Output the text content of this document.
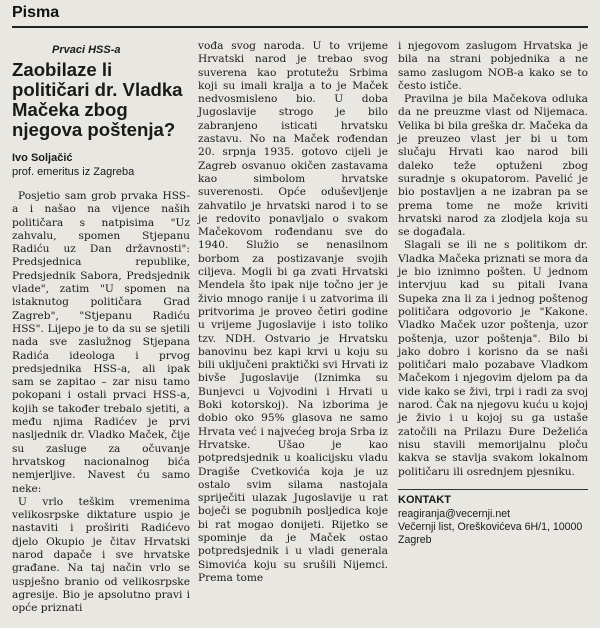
Pisma
Prvaci HSS-a
Zaobilaze li političari dr. Vladka Mačeka zbog njegova poštenja?
Ivo Soljačić
prof. emeritus iz Zagreba

Posjetio sam grob prvaka HSS-a i našao na vijence naših političara s natpisima "Uz zahvalu, spomen Stjepanu Radiću uz Dan državnosti": Predsjednica republike, Predsjednik Sabora, Predsjednik vlade", zatim "U spomen na istaknutog političara Grad Zagreb", "Stjepanu Radiću HSS". Lijepo je to da su se sjetili nada sve zaslužnog Stjepana Radića ideologa i prvog predsjednika HSS-a, ali ipak sam se zapitao – zar nisu tamo pokopani i ostali prvaci HSS-a, kojih se također trebalo sjetiti, a među njima Radićev je prvi nasljednik dr. Vladko Maček, čije su zasluge za očuvanje hrvatskog nacionalnog bića nemjerljive. Navest ću samo neke:

U vrlo teškim vremenima velikosrpske diktature uspio je nastaviti i proširiti Radićevo djelo Okupio je čitav Hrvatski narod dapače i sve hrvatske građane. Na taj način vrlo se uspješno branio od velikosrpske agresije. Bio je apsolutno pravi i opće priznati

vođa svog naroda. U to vrijeme Hrvatski narod je trebao svog suverena kao protutežu Srbima koji su imali kralja a to je Maček nedvosmisleno bio. U doba Jugoslavije strogo je bilo zabranjeno isticati hrvatsku zastavu. No na Maček rođendan 20. srpnja 1935. gotovo cijeli je Zagreb osvanuo okičen zastavama kao simbolom hrvatske suverenosti. Opće oduševljenje zahvatilo je hrvatski narod i to se je redovito ponavljalo o svakom Mačekovom rođendanu sve do 1940. Služio se nenasilnom borbom za postizavanje svojih ciljeva. Mogli bi ga zvati Hrvatski Mendela što ipak nije točno jer je živio mnogo ranije i u zatvorima ili pritvorima je proveo četiri godine u vrijeme Jugoslavije i isto toliko tzv. NDH. Ostvario je Hrvatsku banovinu bez kapi krvi u koju su bili uključeni praktički svi Hrvati iz bivše Jugoslavije (Iznimka su Bunjevci u Vojvodini i Hrvati u Boki kotorskoj). Na izborima je dobio oko 95% glasova ne samo Hrvata već i najvećeg broja Srba iz Hrvatske. Ušao je kao potpredsjednik u koalicijsku vladu Dragiše Cvetkovića koja je uz ostalo svim silama nastojala spriječiti ulazak Jugoslavije u rat boječi se pogubnih posljedica koje bi rat mogao donijeti. Rijetko se spominje da je Maček ostao potpredsjednik i u vladi generala Simovića koju su srušili Nijemci. Prema tome

i njegovom zaslugom Hrvatska je bila na strani pobjednika a ne samo zaslugom NOB-a kako se to često ističe.

Pravilna je bila Mačekova odluka da ne preuzme vlast od Nijemaca. Velika bi bila greška dr. Mačeka da je preuzeo vlast jer bi u tom slučaju Hrvati kao narod bili daleko teže optuženi zbog suradnje s okupatorom. Pavelić je bio postavljen a ne izabran pa se prema tome ne može kriviti hrvatski narod za zlodjela koja su se događala.

Slagali se ili ne s politikom dr. Vladka Mačeka priznati se mora da je bio iznimno pošten. U jednom intervjuu kad su pitali Ivana Supeka zna li za i jednog poštenog političara odgovorio je "Kakone. Vladko Maček uzor poštenja, uzor poštenja, uzor poštenja". Bilo bi jako dobro i korisno da se naši političari malo pozabave Vladkom Mačekom i njegovim djelom pa da vide kako se živi, trpi i radi za svoj narod. Čak na njegovu kuću u kojoj je živio i u kojoj su ga ustaše zatočili na Prilazu Đure Deželića nisu stavili memorijalnu ploču kakva se stavlja svakom lokalnom političaru ili osrednjem pjesniku.

KONTAKT
reagiranja@vecernji.net
Večernji list, Oreškovićeva 6H/1, 10000 Zagreb
